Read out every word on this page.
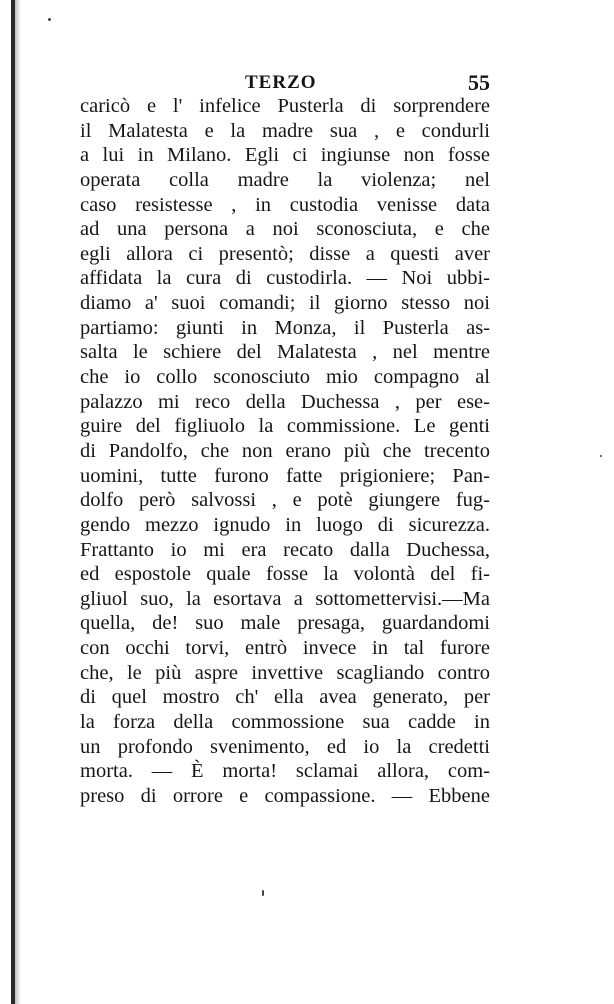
TERZO	55
caricò e l' infelice Pusterla di sorprendere
il Malatesta e la madre sua , e condurli
a lui in Milano. Egli ci ingiunse non fosse
operata colla madre la violenza; nel
caso resistesse , in custodia venisse data
ad una persona a noi sconosciuta, e che
egli allora ci presentò; disse a questi aver
affidata la cura di custodirla. — Noi ubbi-
diamo a' suoi comandi; il giorno stesso noi
partiamo: giunti in Monza, il Pusterla as-
salta le schiere del Malatesta , nel mentre
che io collo sconosciuto mio compagno al
palazzo mi reco della Duchessa , per ese-
guire del figliuolo la commissione. Le genti
di Pandolfo, che non erano più che trecento
uomini, tutte furono fatte prigioniere; Pan-
dolfo però salvossi , e potè giungere fug-
gendo mezzo ignudo in luogo di sicurezza.
Frattanto io mi era recato dalla Duchessa,
ed espostole quale fosse la volontà del fi-
gliuol suo, la esortava a sottomettervisi.—Ma
quella, de! suo male presaga, guardandomi
con occhi torvi, entrò invece in tal furore
che, le più aspre invettive scagliando contro
di quel mostro ch' ella avea generato, per
la forza della commossione sua cadde in
un profondo svenimento, ed io la credetti
morta. — È morta! sclamai allora, com-
preso di orrore e compassione. — Ebbene
